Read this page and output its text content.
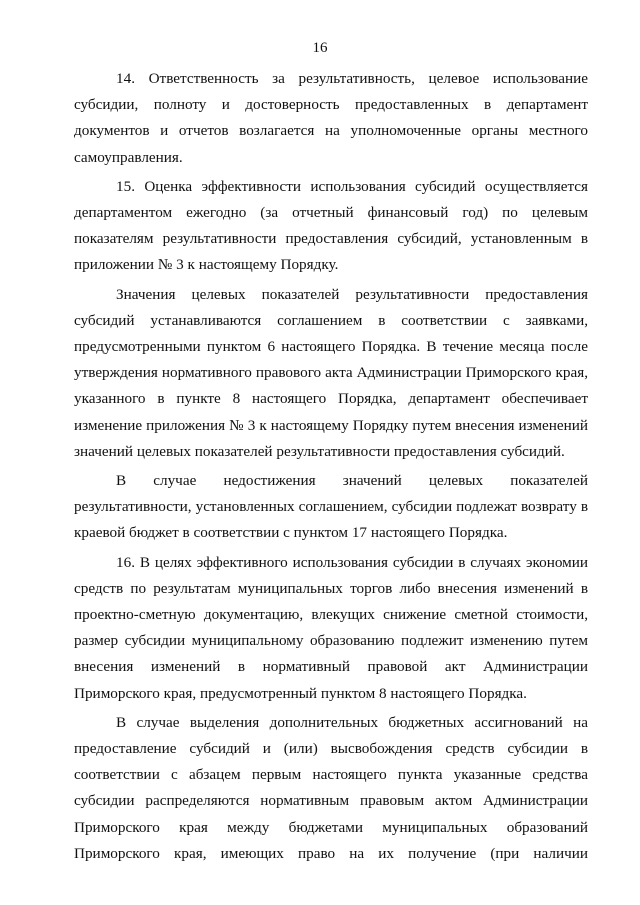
16

14. Ответственность за результативность, целевое использование субсидии, полноту и достоверность предоставленных в департамент документов и отчетов возлагается на уполномоченные органы местного самоуправления.

15. Оценка эффективности использования субсидий осуществляется департаментом ежегодно (за отчетный финансовый год) по целевым показателям результативности предоставления субсидий, установленным в приложении № 3 к настоящему Порядку.

Значения целевых показателей результативности предоставления субсидий устанавливаются соглашением в соответствии с заявками, предусмотренными пунктом 6 настоящего Порядка. В течение месяца после утверждения нормативного правового акта Администрации Приморского края, указанного в пункте 8 настоящего Порядка, департамент обеспечивает изменение приложения № 3 к настоящему Порядку путем внесения изменений значений целевых показателей результативности предоставления субсидий.

В случае недостижения значений целевых показателей результативности, установленных соглашением, субсидии подлежат возврату в краевой бюджет в соответствии с пунктом 17 настоящего Порядка.

16. В целях эффективного использования субсидии в случаях экономии средств по результатам муниципальных торгов либо внесения изменений в проектно-сметную документацию, влекущих снижение сметной стоимости, размер субсидии муниципальному образованию подлежит изменению путем внесения изменений в нормативный правовой акт Администрации Приморского края, предусмотренный пунктом 8 настоящего Порядка.

В случае выделения дополнительных бюджетных ассигнований на предоставление субсидий и (или) высвобождения средств субсидии в соответствии с абзацем первым настоящего пункта указанные средства субсидии распределяются нормативным правовым актом Администрации Приморского края между бюджетами муниципальных образований Приморского края, имеющих право на их получение (при наличии
